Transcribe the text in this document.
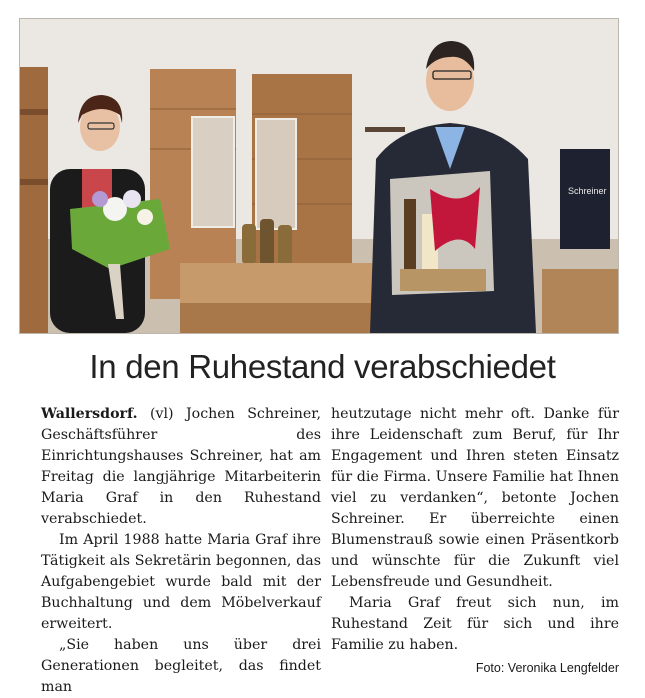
Schreiner
In den Ruhestand verabschiedet

Wallersdorf. (vl) Jochen Schreiner, Geschäftsführer des Einrichtungshauses Schreiner, hat am Freitag die langjährige Mitarbeiterin Maria Graf in den Ruhestand verabschiedet.

Im April 1988 hatte Maria Graf ihre Tätigkeit als Sekretärin begonnen, das Aufgabengebiet wurde bald mit der Buchhaltung und dem Möbelverkauf erweitert.

„Sie haben uns über drei Generationen begleitet, das findet man

heutzutage nicht mehr oft. Danke für ihre Leidenschaft zum Beruf, für Ihr Engagement und Ihren steten Einsatz für die Firma. Unsere Familie hat Ihnen viel zu verdanken“, betonte Jochen Schreiner. Er überreichte einen Blumenstrauß sowie einen Präsentkorb und wünschte für die Zukunft viel Lebensfreude und Gesundheit.

Maria Graf freut sich nun, im Ruhestand Zeit für sich und ihre Familie zu haben.
Foto: Veronika Lengfelder
